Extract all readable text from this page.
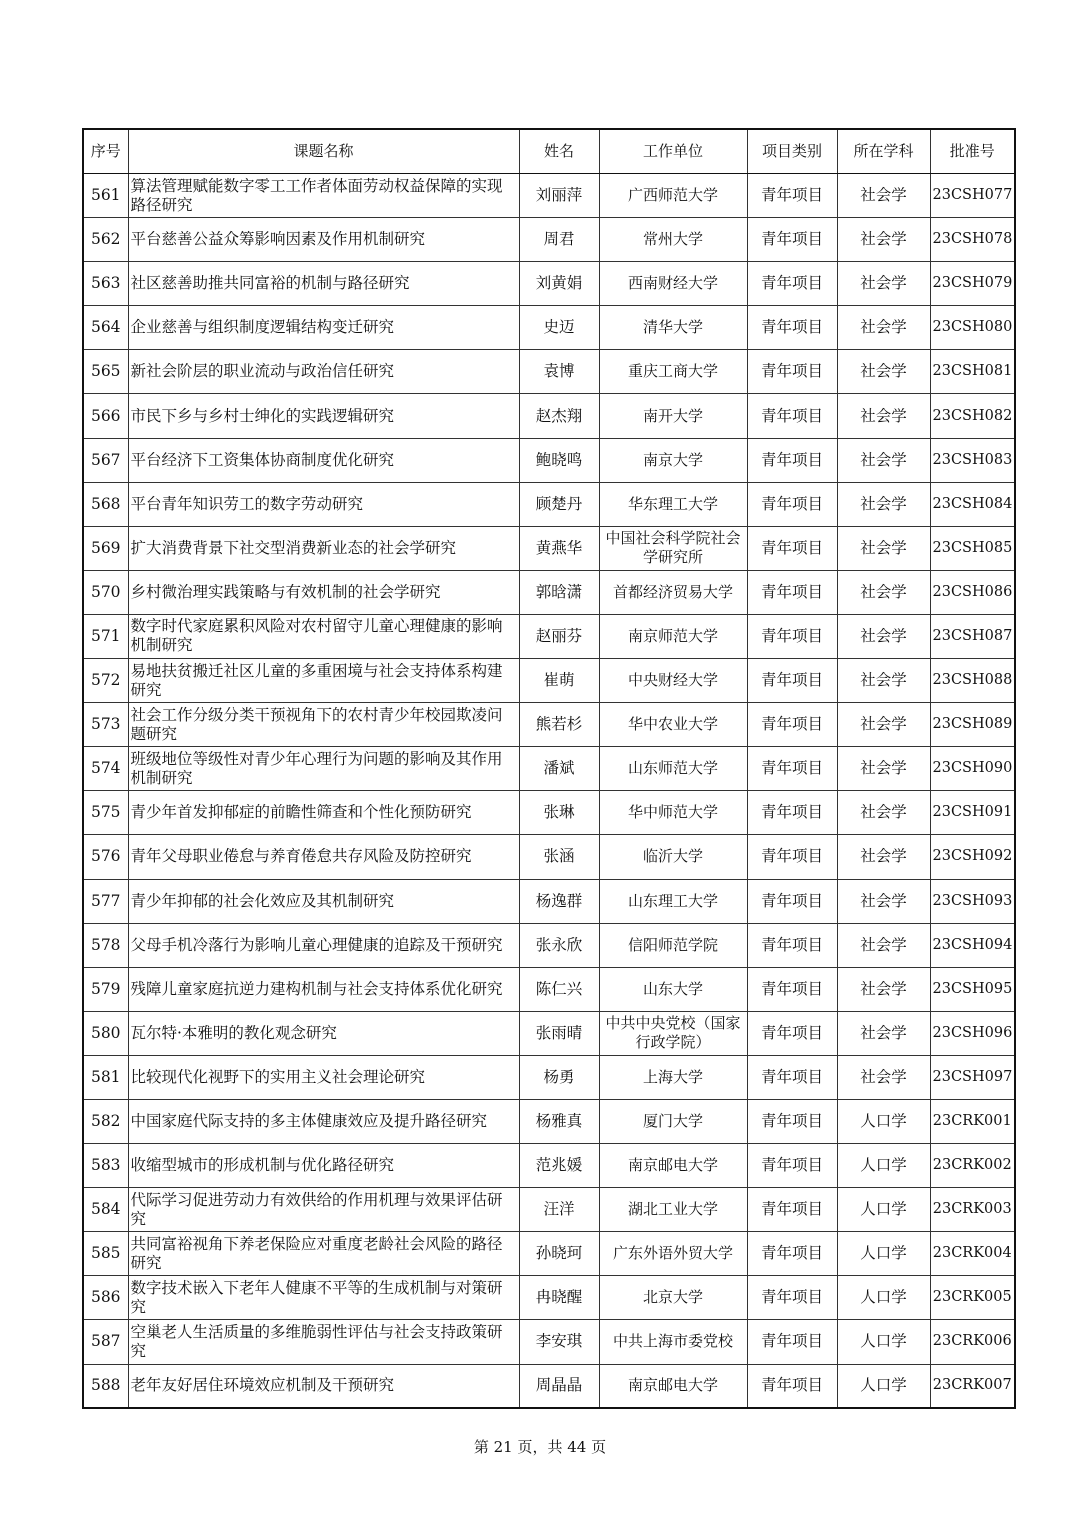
序号	课题名称	姓名	工作单位	项目类别	所在学科	批准号
561	算法管理赋能数字零工工作者体面劳动权益保障的实现路径研究	刘丽萍	广西师范大学	青年项目	社会学	23CSH077
562	平台慈善公益众筹影响因素及作用机制研究	周君	常州大学	青年项目	社会学	23CSH078
563	社区慈善助推共同富裕的机制与路径研究	刘黄娟	西南财经大学	青年项目	社会学	23CSH079
564	企业慈善与组织制度逻辑结构变迁研究	史迈	清华大学	青年项目	社会学	23CSH080
565	新社会阶层的职业流动与政治信任研究	袁博	重庆工商大学	青年项目	社会学	23CSH081
566	市民下乡与乡村士绅化的实践逻辑研究	赵杰翔	南开大学	青年项目	社会学	23CSH082
567	平台经济下工资集体协商制度优化研究	鲍晓鸣	南京大学	青年项目	社会学	23CSH083
568	平台青年知识劳工的数字劳动研究	顾楚丹	华东理工大学	青年项目	社会学	23CSH084
569	扩大消费背景下社交型消费新业态的社会学研究	黄燕华	中国社会科学院社会学研究所	青年项目	社会学	23CSH085
570	乡村微治理实践策略与有效机制的社会学研究	郭晗潇	首都经济贸易大学	青年项目	社会学	23CSH086
571	数字时代家庭累积风险对农村留守儿童心理健康的影响机制研究	赵丽芬	南京师范大学	青年项目	社会学	23CSH087
572	易地扶贫搬迁社区儿童的多重困境与社会支持体系构建研究	崔萌	中央财经大学	青年项目	社会学	23CSH088
573	社会工作分级分类干预视角下的农村青少年校园欺凌问题研究	熊若杉	华中农业大学	青年项目	社会学	23CSH089
574	班级地位等级性对青少年心理行为问题的影响及其作用机制研究	潘斌	山东师范大学	青年项目	社会学	23CSH090
575	青少年首发抑郁症的前瞻性筛查和个性化预防研究	张琳	华中师范大学	青年项目	社会学	23CSH091
576	青年父母职业倦怠与养育倦怠共存风险及防控研究	张涵	临沂大学	青年项目	社会学	23CSH092
577	青少年抑郁的社会化效应及其机制研究	杨逸群	山东理工大学	青年项目	社会学	23CSH093
578	父母手机冷落行为影响儿童心理健康的追踪及干预研究	张永欣	信阳师范学院	青年项目	社会学	23CSH094
579	残障儿童家庭抗逆力建构机制与社会支持体系优化研究	陈仁兴	山东大学	青年项目	社会学	23CSH095
580	瓦尔特·本雅明的教化观念研究	张雨晴	中共中央党校（国家行政学院）	青年项目	社会学	23CSH096
581	比较现代化视野下的实用主义社会理论研究	杨勇	上海大学	青年项目	社会学	23CSH097
582	中国家庭代际支持的多主体健康效应及提升路径研究	杨雅真	厦门大学	青年项目	人口学	23CRK001
583	收缩型城市的形成机制与优化路径研究	范兆媛	南京邮电大学	青年项目	人口学	23CRK002
584	代际学习促进劳动力有效供给的作用机理与效果评估研究	汪洋	湖北工业大学	青年项目	人口学	23CRK003
585	共同富裕视角下养老保险应对重度老龄社会风险的路径研究	孙晓珂	广东外语外贸大学	青年项目	人口学	23CRK004
586	数字技术嵌入下老年人健康不平等的生成机制与对策研究	冉晓醒	北京大学	青年项目	人口学	23CRK005
587	空巢老人生活质量的多维脆弱性评估与社会支持政策研究	李安琪	中共上海市委党校	青年项目	人口学	23CRK006
588	老年友好居住环境效应机制及干预研究	周晶晶	南京邮电大学	青年项目	人口学	23CRK007
第 21 页，共 44 页
